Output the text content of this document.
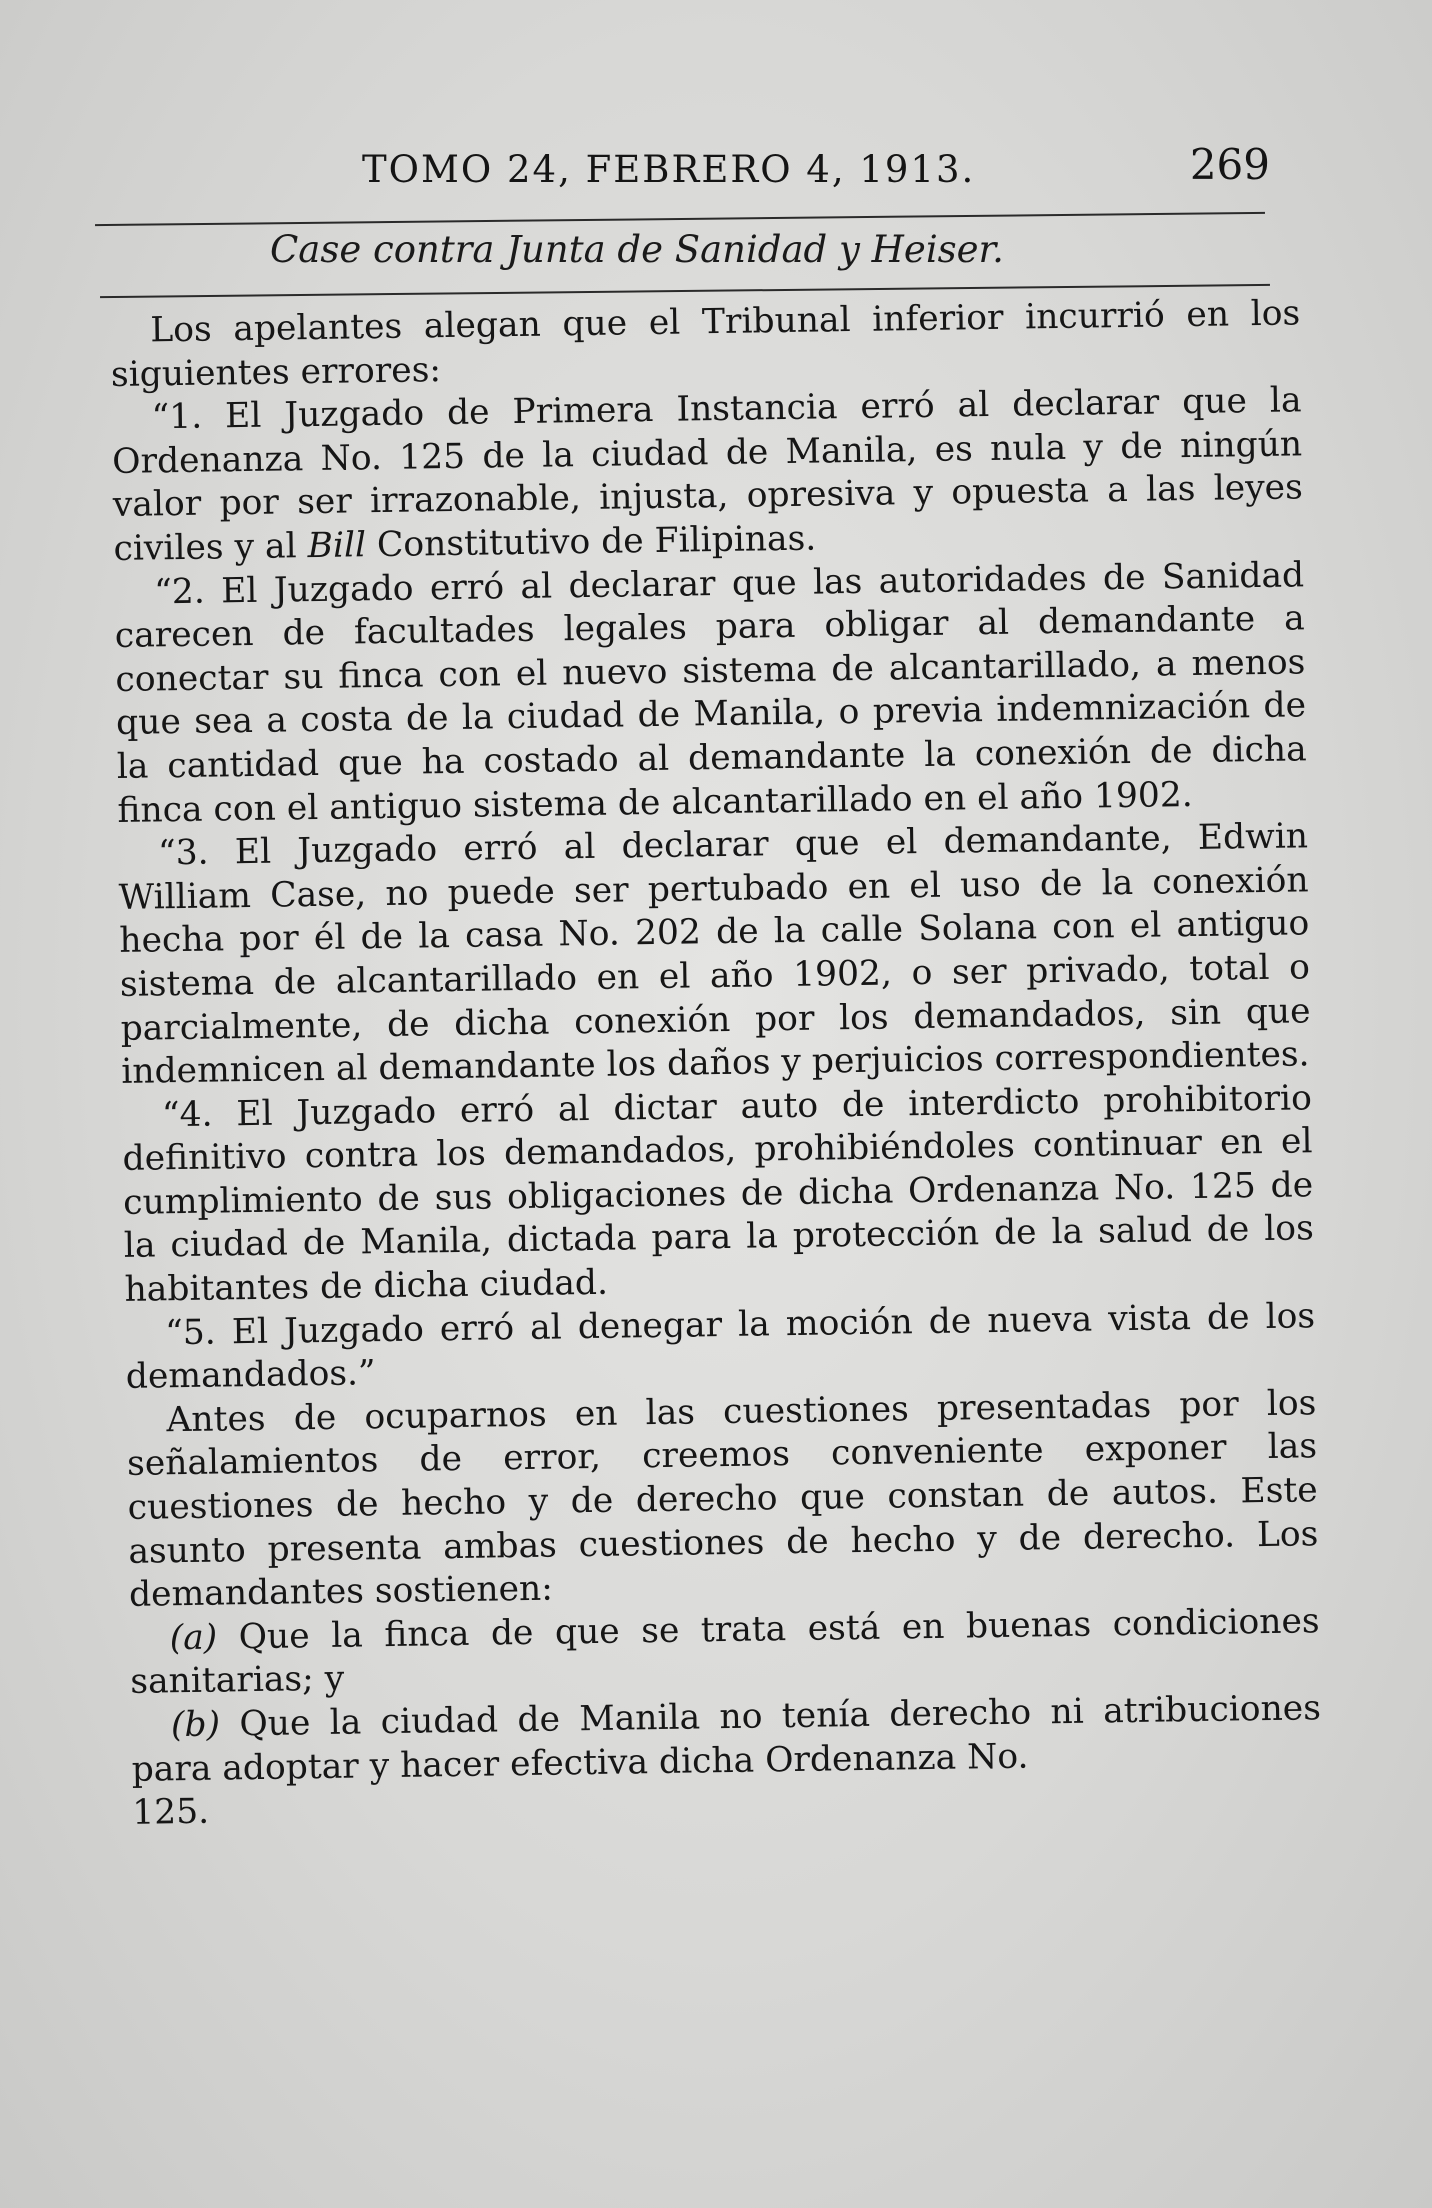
TOMO 24, FEBRERO 4, 1913.	269
Case contra Junta de Sanidad y Heiser.

Los apelantes alegan que el Tribunal inferior incurrió en los siguientes errores:

“1. El Juzgado de Primera Instancia erró al declarar que la Ordenanza No. 125 de la ciudad de Manila, es nula y de ningún valor por ser irrazonable, injusta, opresiva y opuesta a las leyes civiles y al Bill Constitutivo de Filipinas.

“2. El Juzgado erró al declarar que las autoridades de Sanidad carecen de facultades legales para obligar al demandante a conectar su finca con el nuevo sistema de alcantarillado, a menos que sea a costa de la ciudad de Manila, o previa indemnización de la cantidad que ha costado al demandante la conexión de dicha finca con el antiguo sistema de alcantarillado en el año 1902.

“3. El Juzgado erró al declarar que el demandante, Edwin William Case, no puede ser pertubado en el uso de la conexión hecha por él de la casa No. 202 de la calle Solana con el antiguo sistema de alcantarillado en el año 1902, o ser privado, total o parcialmente, de dicha conexión por los demandados, sin que indemnicen al demandante los daños y perjuicios correspondientes.

“4. El Juzgado erró al dictar auto de interdicto prohibitorio definitivo contra los demandados, prohibiéndoles continuar en el cumplimiento de sus obligaciones de dicha Ordenanza No. 125 de la ciudad de Manila, dictada para la protección de la salud de los habitantes de dicha ciudad.

“5. El Juzgado erró al denegar la moción de nueva vista de los demandados.”

Antes de ocuparnos en las cuestiones presentadas por los señalamientos de error, creemos conveniente exponer las cuestiones de hecho y de derecho que constan de autos. Este asunto presenta ambas cuestiones de hecho y de derecho. Los demandantes sostienen:

(a) Que la finca de que se trata está en buenas condiciones sanitarias; y

(b) Que la ciudad de Manila no tenía derecho ni atribuciones para adoptar y hacer efectiva dicha Ordenanza No.

125.
